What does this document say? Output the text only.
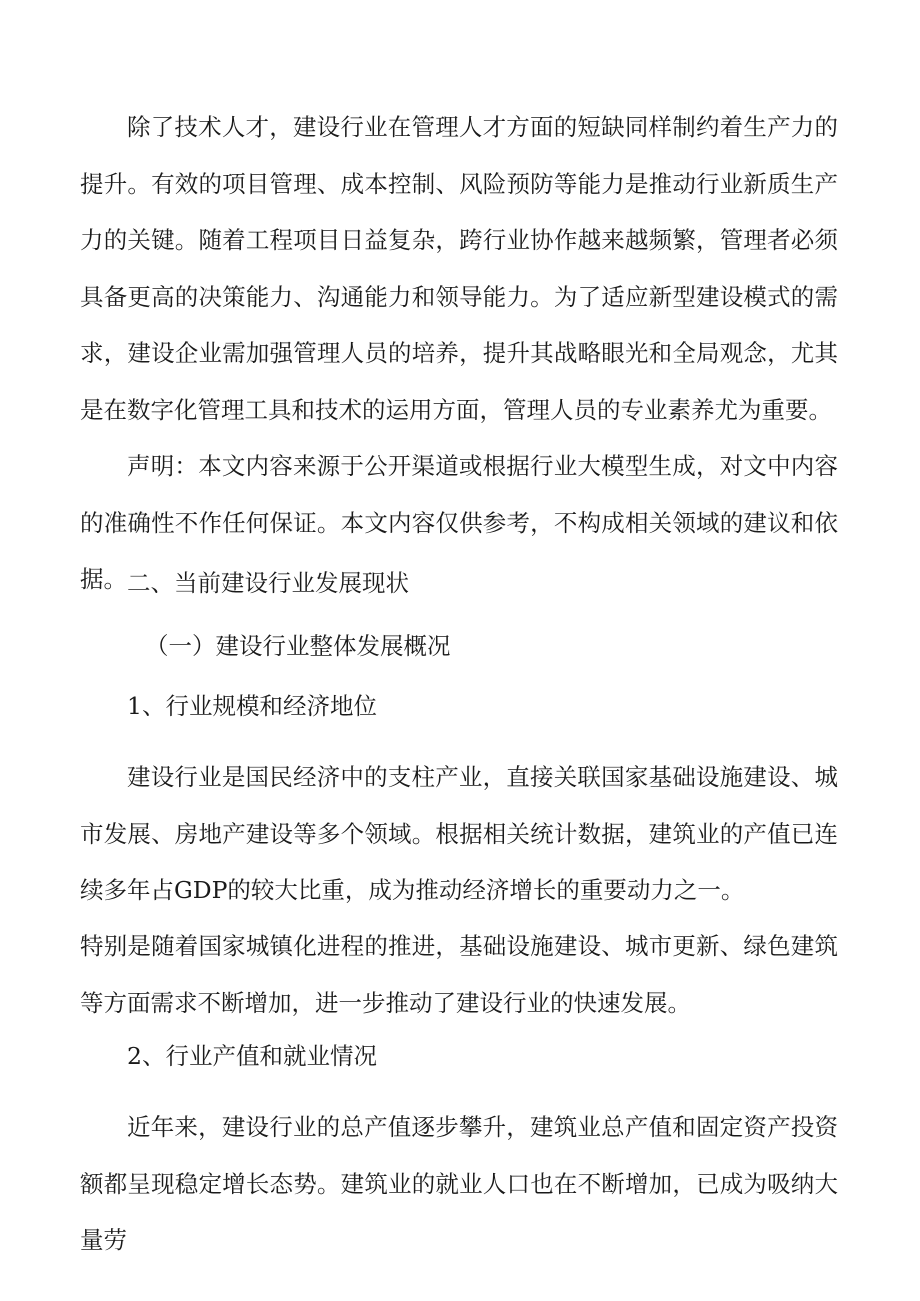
除了技术人才，建设行业在管理人才方面的短缺同样制约着生产力的提升。有效的项目管理、成本控制、风险预防等能力是推动行业新质生产力的关键。随着工程项目日益复杂，跨行业协作越来越频繁，管理者必须具备更高的决策能力、沟通能力和领导能力。为了适应新型建设模式的需求，建设企业需加强管理人员的培养，提升其战略眼光和全局观念，尤其是在数字化管理工具和技术的运用方面，管理人员的专业素养尤为重要。

声明：本文内容来源于公开渠道或根据行业大模型生成，对文中内容的准确性不作任何保证。本文内容仅供参考，不构成相关领域的建议和依据。 二、当前建设行业发展现状

（一）建设行业整体发展概况

1、行业规模和经济地位

建设行业是国民经济中的支柱产业，直接关联国家基础设施建设、城市发展、房地产建设等多个领域。根据相关统计数据，建筑业的产值已连续多年占GDP的较大比重，成为推动经济增长的重要动力之一。

特别是随着国家城镇化进程的推进，基础设施建设、城市更新、绿色建筑等方面需求不断增加，进一步推动了建设行业的快速发展。

2、行业产值和就业情况

近年来，建设行业的总产值逐步攀升，建筑业总产值和固定资产投资额都呈现稳定增长态势。建筑业的就业人口也在不断增加，已成为吸纳大量劳
